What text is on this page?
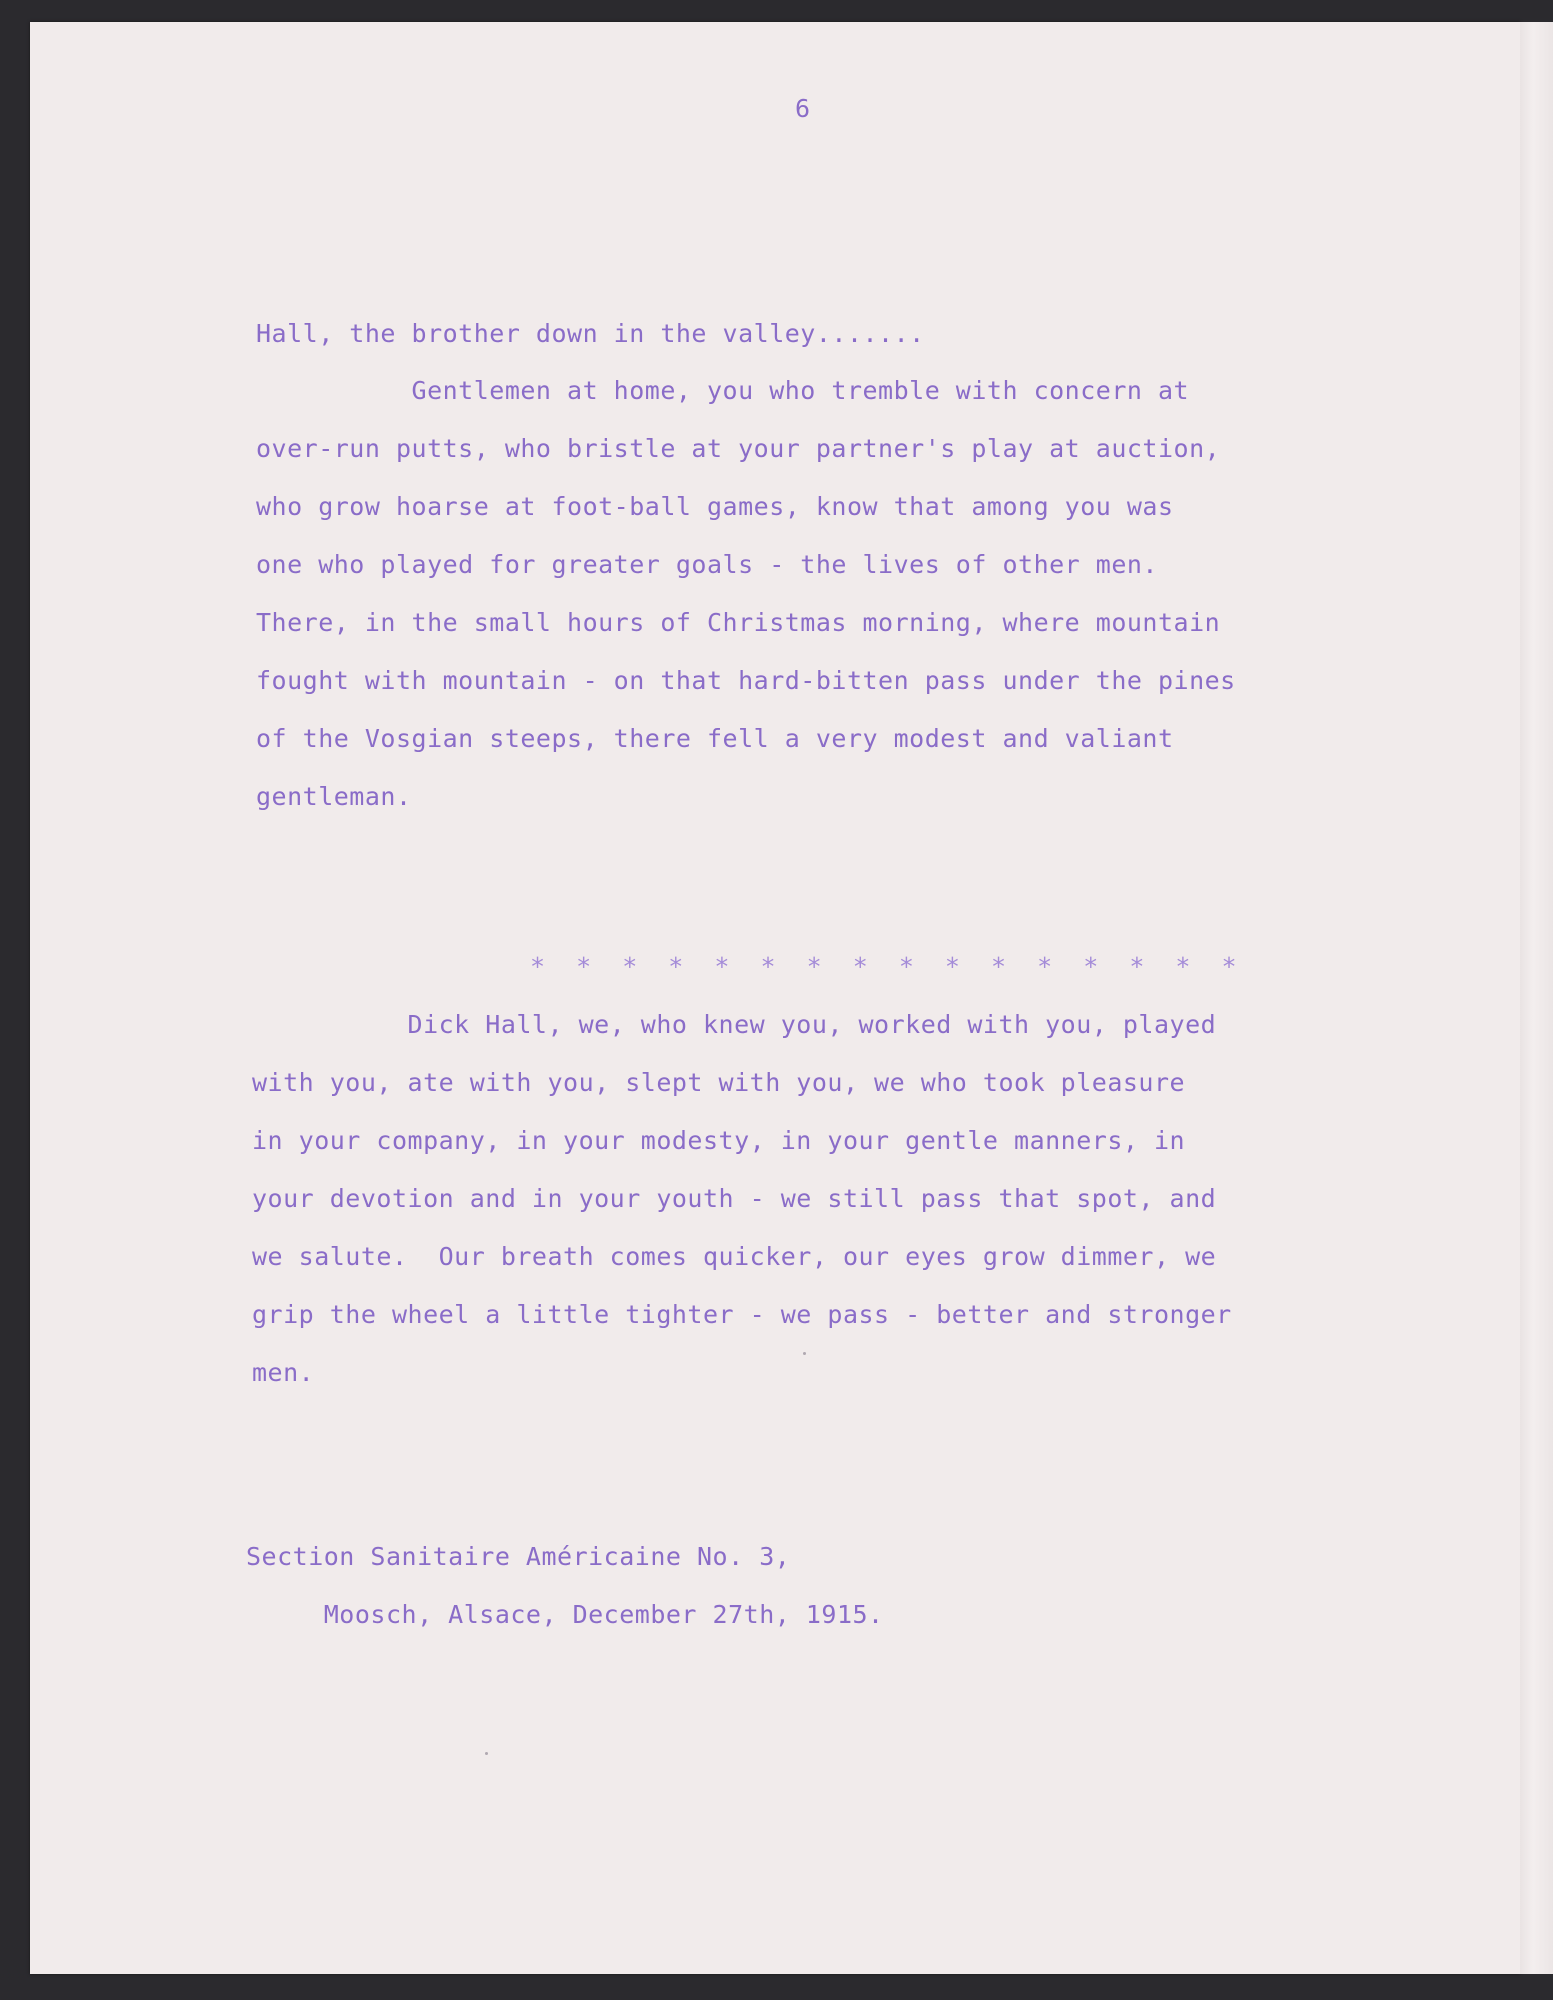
6
Hall, the brother down in the valley.......
Gentlemen at home, you who tremble with concern at
over-run putts, who bristle at your partner's play at auction,
who grow hoarse at foot-ball games, know that among you was
one who played for greater goals - the lives of other men.
There, in the small hours of Christmas morning, where mountain
fought with mountain - on that hard-bitten pass under the pines
of the Vosgian steeps, there fell a very modest and valiant
gentleman.
* * * * * * * * * * * * * * * *
Dick Hall, we, who knew you, worked with you, played
with you, ate with you, slept with you, we who took pleasure
in your company, in your modesty, in your gentle manners, in
your devotion and in your youth - we still pass that spot, and
we salute.  Our breath comes quicker, our eyes grow dimmer, we
grip the wheel a little tighter - we pass - better and stronger
men.
Section Sanitaire Américaine No. 3,
Moosch, Alsace, December 27th, 1915.
